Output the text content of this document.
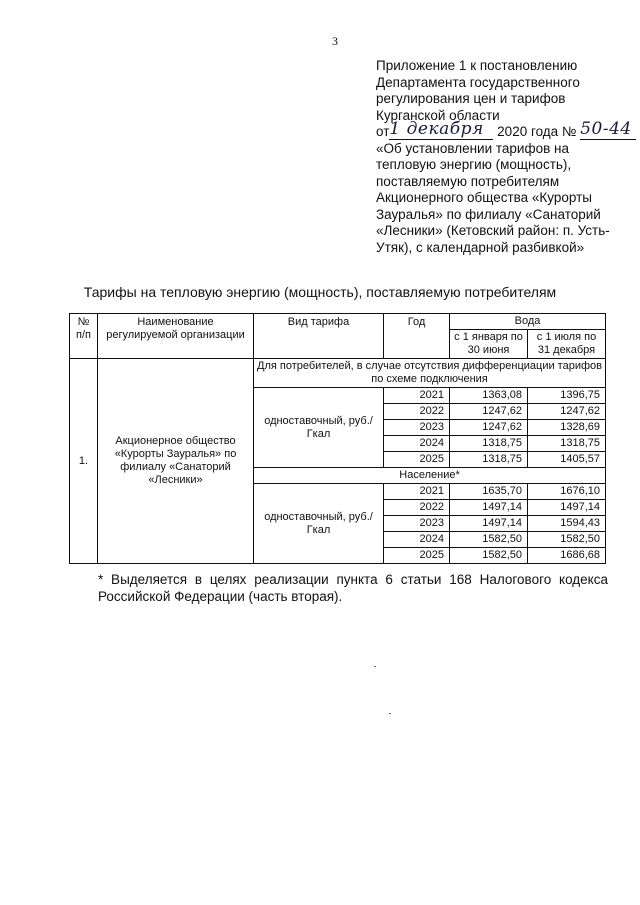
3
Приложение 1 к постановлению
Департамента государственного
регулирования цен и тарифов
Курганской области
от1 декабря 2020 года № 50-44
«Об установлении тарифов на
тепловую энергию (мощность),
поставляемую потребителям
Акционерного общества «Курорты
Зауралья» по филиалу «Санаторий
«Лесники» (Кетовский район: п. Усть-
Утяк), с календарной разбивкой»
Тарифы на тепловую энергию (мощность), поставляемую потребителям
№ п/п	Наименование регулируемой организации	Вид тарифа	Год	Вода	
				с 1 января по 30 июня	с 1 июля по 31 декабря
1.	Акционерное общество «Курорты Зауралья» по филиалу «Санаторий «Лесники»	Для потребителей, в случае отсутствия дифференциации тарифов по схеме подключения			
		одноставочный, руб./Гкал	2021	1363,08	1396,75
			2022	1247,62	1247,62
			2023	1247,62	1328,69
			2024	1318,75	1318,75
			2025	1318,75	1405,57
		Население*			
		одноставочный, руб./Гкал	2021	1635,70	1676,10
			2022	1497,14	1497,14
			2023	1497,14	1594,43
			2024	1582,50	1582,50
			2025	1582,50	1686,68
* Выделяется в целях реализации пункта 6 статьи 168 Налогового кодекса Российской Федерации (часть вторая).
